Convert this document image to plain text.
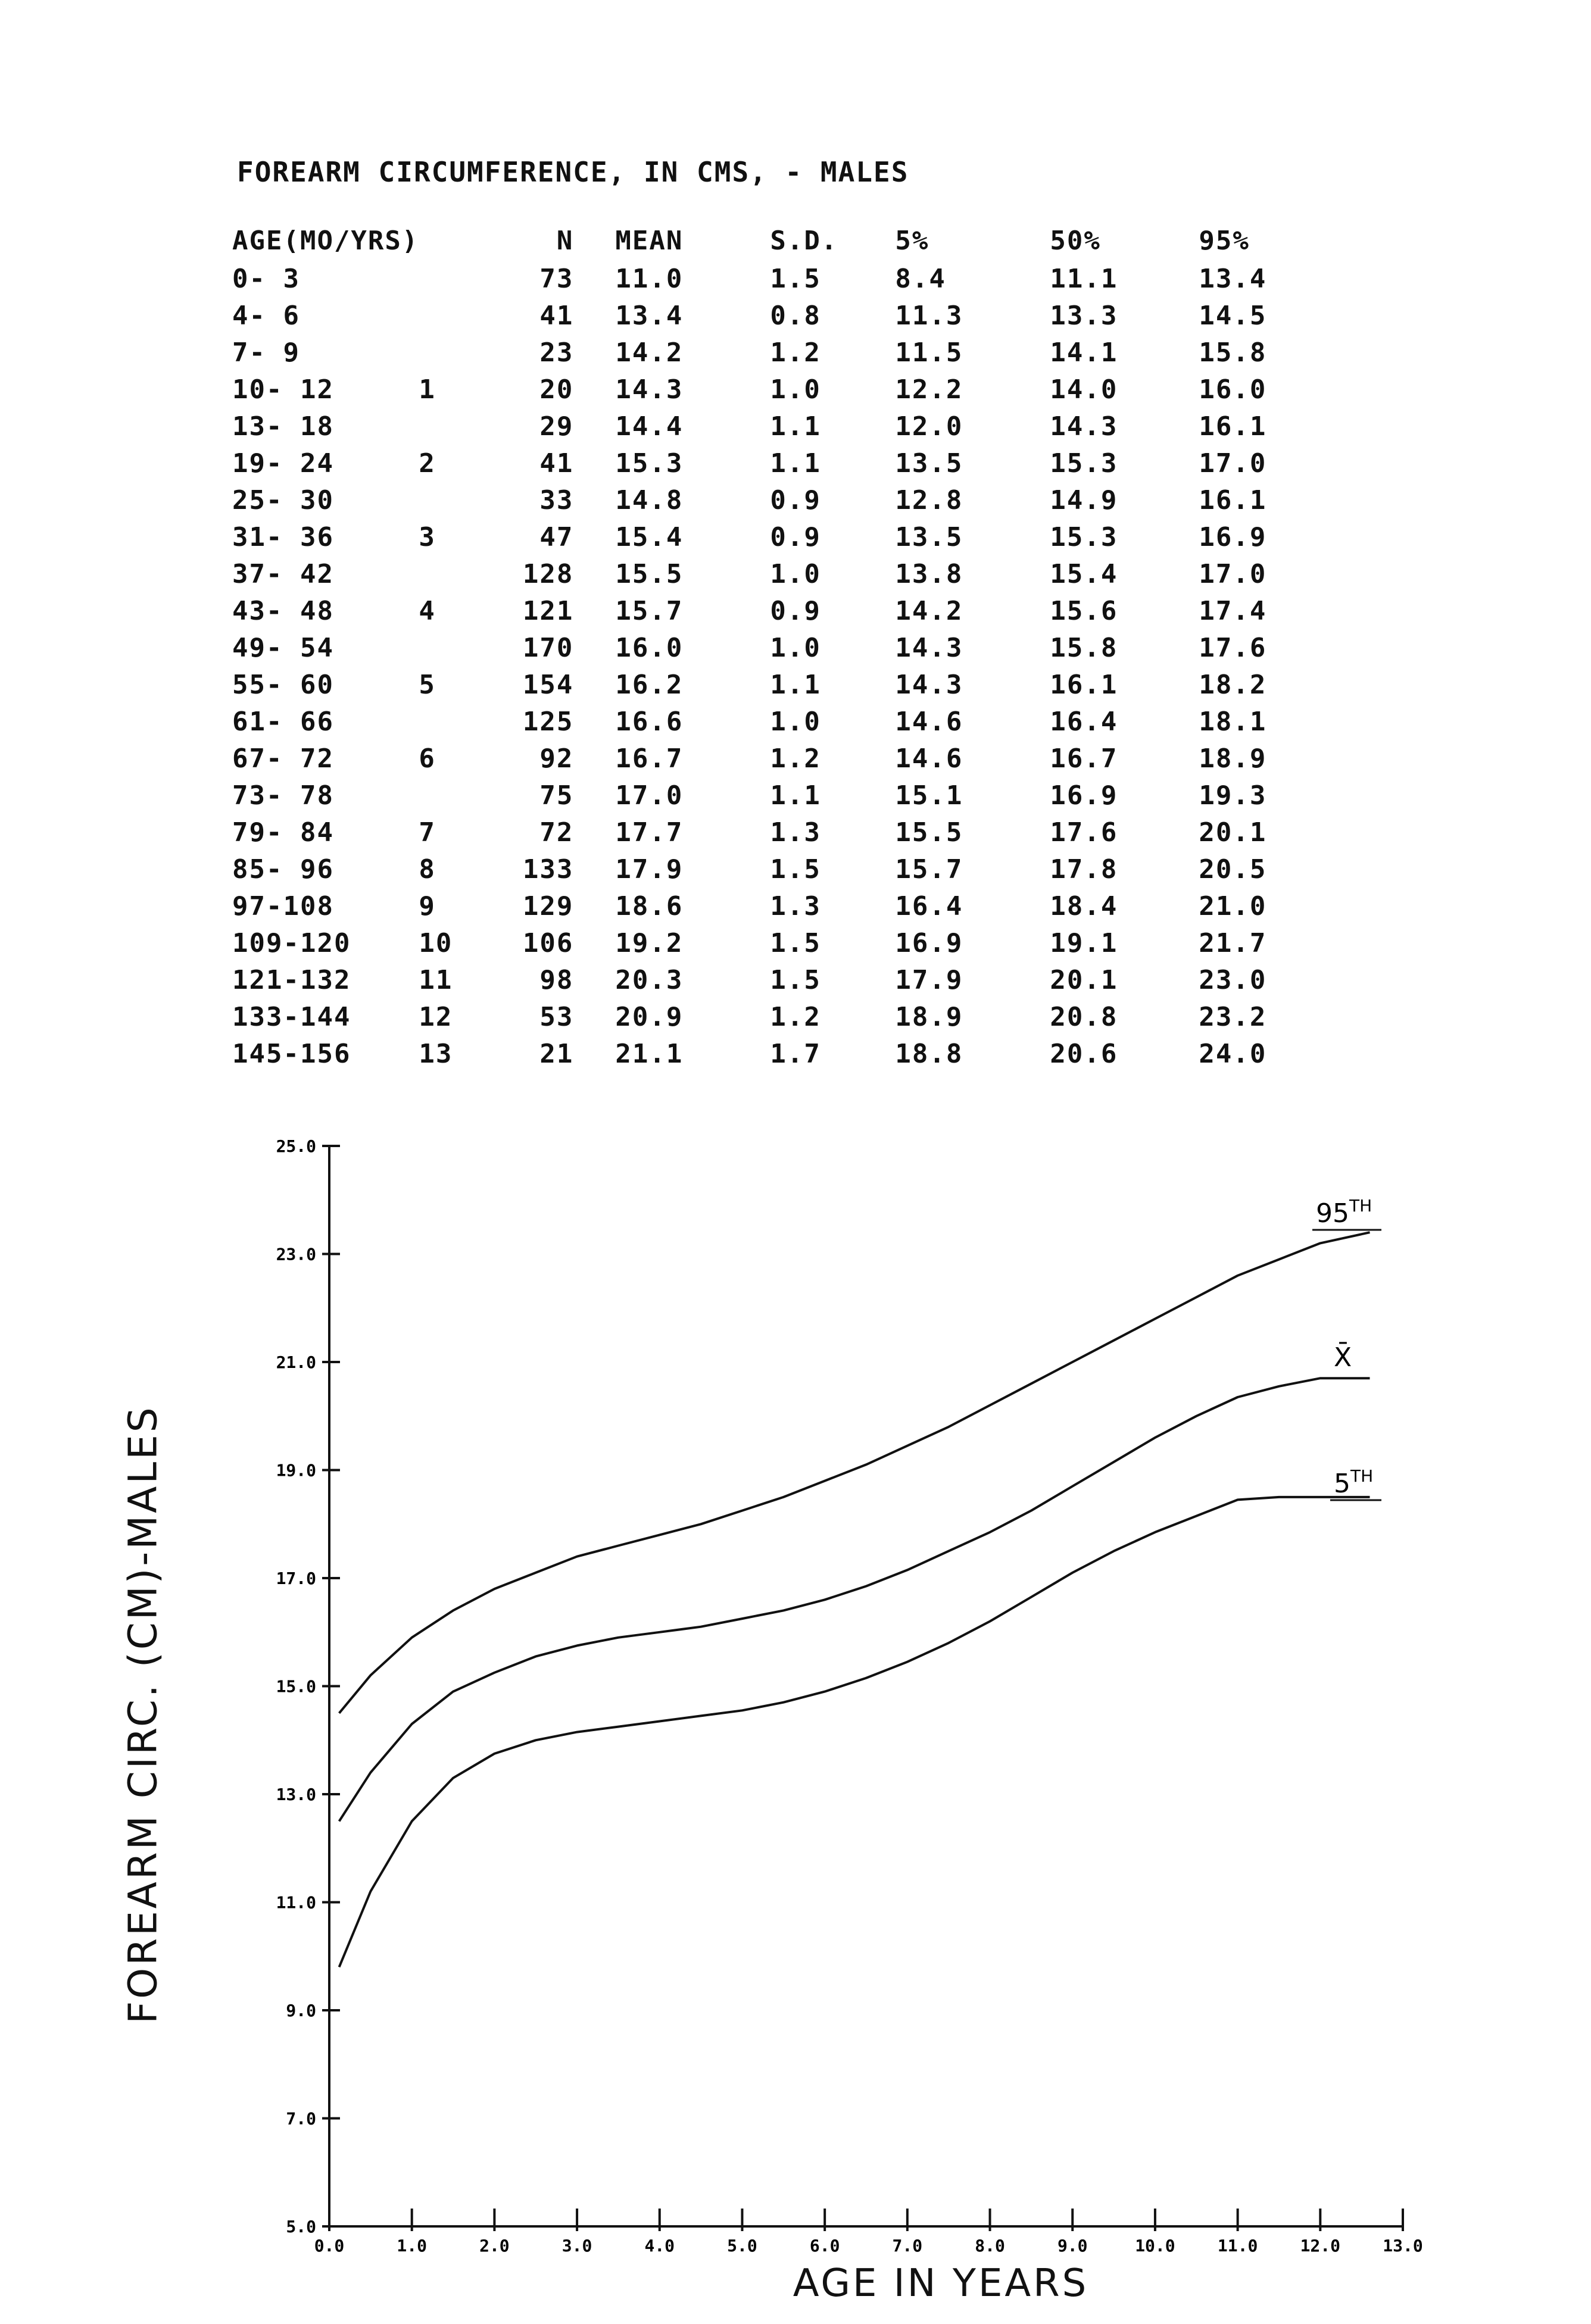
FOREARM CIRCUMFERENCE, IN CMS, - MALES
AGE(MO/YRS)		N	MEAN	S.D.	5%	50%	95%
0- 3		73	11.0	1.5	8.4	11.1	13.4
4- 6		41	13.4	0.8	11.3	13.3	14.5
7- 9		23	14.2	1.2	11.5	14.1	15.8
10- 12	1	20	14.3	1.0	12.2	14.0	16.0
13- 18		29	14.4	1.1	12.0	14.3	16.1
19- 24	2	41	15.3	1.1	13.5	15.3	17.0
25- 30		33	14.8	0.9	12.8	14.9	16.1
31- 36	3	47	15.4	0.9	13.5	15.3	16.9
37- 42		128	15.5	1.0	13.8	15.4	17.0
43- 48	4	121	15.7	0.9	14.2	15.6	17.4
49- 54		170	16.0	1.0	14.3	15.8	17.6
55- 60	5	154	16.2	1.1	14.3	16.1	18.2
61- 66		125	16.6	1.0	14.6	16.4	18.1
67- 72	6	92	16.7	1.2	14.6	16.7	18.9
73- 78		75	17.0	1.1	15.1	16.9	19.3
79- 84	7	72	17.7	1.3	15.5	17.6	20.1
85- 96	8	133	17.9	1.5	15.7	17.8	20.5
97-108	9	129	18.6	1.3	16.4	18.4	21.0
109-120	10	106	19.2	1.5	16.9	19.1	21.7
121-132	11	98	20.3	1.5	17.9	20.1	23.0
133-144	12	53	20.9	1.2	18.9	20.8	23.2
145-156	13	21	21.1	1.7	18.8	20.6	24.0
FOREARM CIRC. (CM)-MALES
AGE IN YEARS
5.0
7.0
9.0
11.0
13.0
15.0
17.0
19.0
21.0
23.0
25.0
0.0	1.0	2.0	3.0	4.0	5.0	6.0	7.0	8.0	9.0	10.0	11.0	12.0	13.0
95TH
X̄
5TH
